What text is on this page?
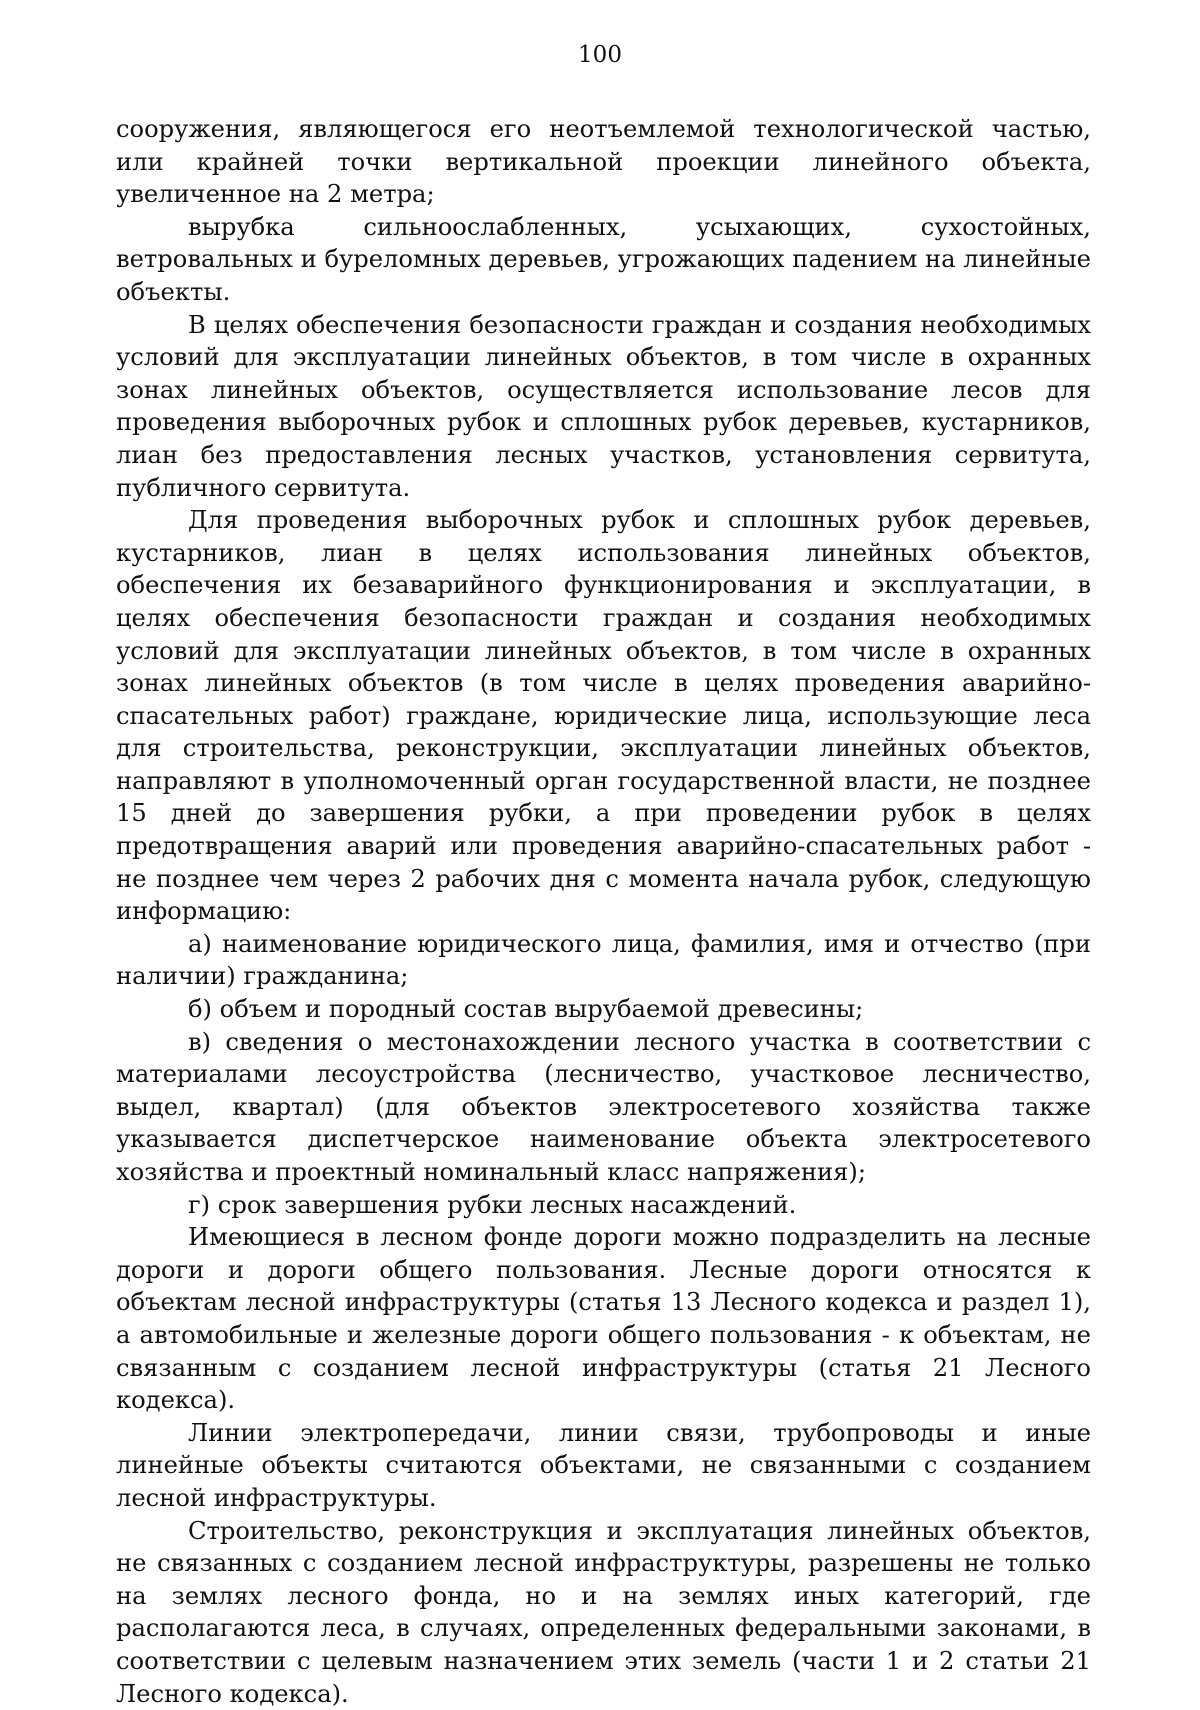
100

сооружения, являющегося его неотъемлемой технологической частью, или крайней точки вертикальной проекции линейного объекта, увеличенное на 2 метра;

вырубка сильноослабленных, усыхающих, сухостойных, ветровальных и буреломных деревьев, угрожающих падением на линейные объекты.

В целях обеспечения безопасности граждан и создания необходимых условий для эксплуатации линейных объектов, в том числе в охранных зонах линейных объектов, осуществляется использование лесов для проведения выборочных рубок и сплошных рубок деревьев, кустарников, лиан без предоставления лесных участков, установления сервитута, публичного сервитута.

Для проведения выборочных рубок и сплошных рубок деревьев, кустарников, лиан в целях использования линейных объектов, обеспечения их безаварийного функционирования и эксплуатации, в целях обеспечения безопасности граждан и создания необходимых условий для эксплуатации линейных объектов, в том числе в охранных зонах линейных объектов (в том числе в целях проведения аварийно-спасательных работ) граждане, юридические лица, использующие леса для строительства, реконструкции, эксплуатации линейных объектов, направляют в уполномоченный орган государственной власти, не позднее 15 дней до завершения рубки, а при проведении рубок в целях предотвращения аварий или проведения аварийно-спасательных работ - не позднее чем через 2 рабочих дня с момента начала рубок, следующую информацию:

а) наименование юридического лица, фамилия, имя и отчество (при наличии) гражданина;

б) объем и породный состав вырубаемой древесины;

в) сведения о местонахождении лесного участка в соответствии с материалами лесоустройства (лесничество, участковое лесничество, выдел, квартал) (для объектов электросетевого хозяйства также указывается диспетчерское наименование объекта электросетевого хозяйства и проектный номинальный класс напряжения);

г) срок завершения рубки лесных насаждений.

Имеющиеся в лесном фонде дороги можно подразделить на лесные дороги и дороги общего пользования. Лесные дороги относятся к объектам лесной инфраструктуры (статья 13 Лесного кодекса и раздел 1), а автомобильные и железные дороги общего пользования - к объектам, не связанным с созданием лесной инфраструктуры (статья 21 Лесного кодекса).

Линии электропередачи, линии связи, трубопроводы и иные линейные объекты считаются объектами, не связанными с созданием лесной инфраструктуры.

Строительство, реконструкция и эксплуатация линейных объектов, не связанных с созданием лесной инфраструктуры, разрешены не только на землях лесного фонда, но и на землях иных категорий, где располагаются леса, в случаях, определенных федеральными законами, в соответствии с целевым назначением этих земель (части 1 и 2 статьи 21 Лесного кодекса).
